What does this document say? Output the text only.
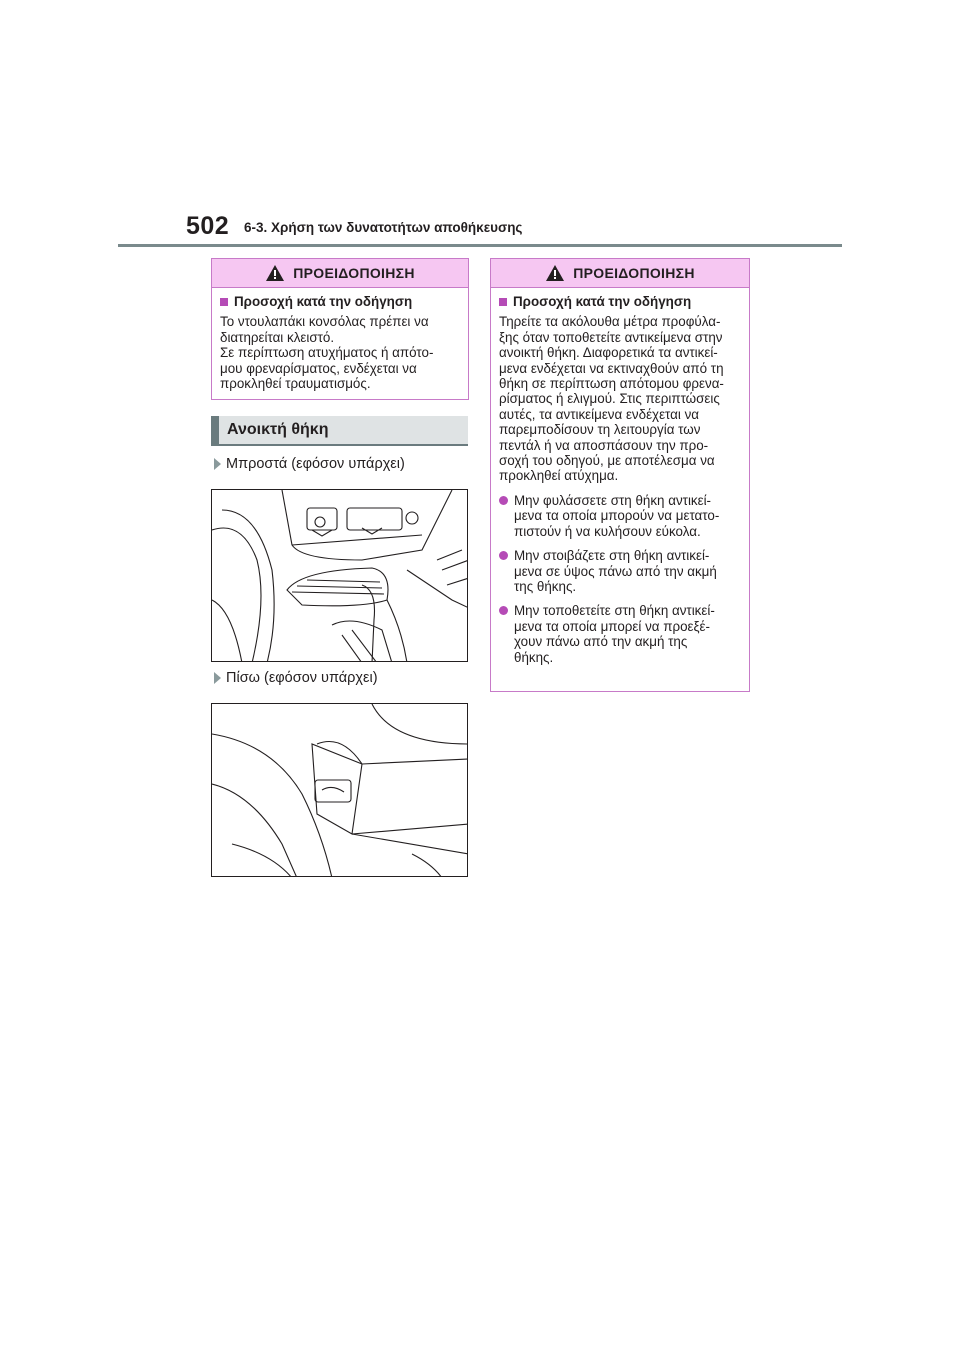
502 6-3. Χρήση των δυνατοτήτων αποθήκευσης
ΠΡΟΕΙΔΟΠΟΙΗΣΗ

Προσοχή κατά την οδήγηση

Το ντουλαπάκι κονσόλας πρέπει να

διατηρείται κλειστό.

Σε περίπτωση ατυχήματος ή απότο-

μου φρεναρίσματος, ενδέχεται να

προκληθεί τραυματισμός.

Ανοικτή θήκη
Μπροστά (εφόσον υπάρχει)
Πίσω (εφόσον υπάρχει)
ΠΡΟΕΙΔΟΠΟΙΗΣΗ

Προσοχή κατά την οδήγηση

Τηρείτε τα ακόλουθα μέτρα προφύλα-

ξης όταν τοποθετείτε αντικείμενα στην

ανοικτή θήκη. Διαφορετικά τα αντικεί-

μενα ενδέχεται να εκτιναχθούν από τη

θήκη σε περίπτωση απότομου φρενα-

ρίσματος ή ελιγμού. Στις περιπτώσεις

αυτές, τα αντικείμενα ενδέχεται να

παρεμποδίσουν τη λειτουργία των

πεντάλ ή να αποσπάσουν την προ-

σοχή του οδηγού, με αποτέλεσμα να

προκληθεί ατύχημα.

Μην φυλάσσετε στη θήκη αντικεί-

μενα τα οποία μπορούν να μετατο-

πιστούν ή να κυλήσουν εύκολα.

Μην στοιβάζετε στη θήκη αντικεί-

μενα σε ύψος πάνω από την ακμή

της θήκης.

Μην τοποθετείτε στη θήκη αντικεί-

μενα τα οποία μπορεί να προεξέ-

χουν πάνω από την ακμή της

θήκης.
